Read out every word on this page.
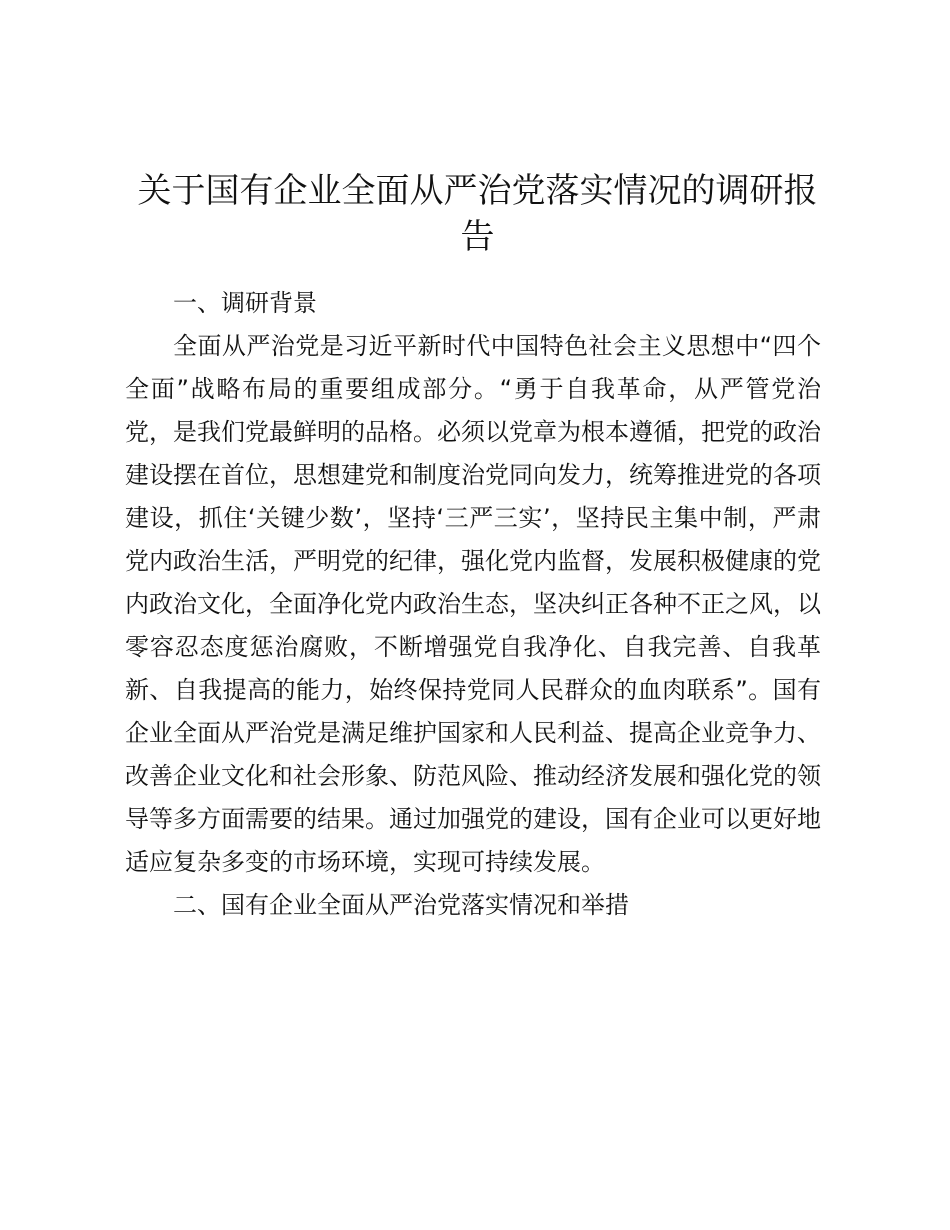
关于国有企业全面从严治党落实情况的调研报告

一、调研背景

全面从严治党是习近平新时代中国特色社会主义思想中“四个全面”战略布局的重要组成部分。“勇于自我革命，从严管党治党，是我们党最鲜明的品格。必须以党章为根本遵循，把党的政治建设摆在首位，思想建党和制度治党同向发力，统筹推进党的各项建设，抓住‘关键少数’，坚持‘三严三实’，坚持民主集中制，严肃党内政治生活，严明党的纪律，强化党内监督，发展积极健康的党内政治文化，全面净化党内政治生态，坚决纠正各种不正之风，以零容忍态度惩治腐败，不断增强党自我净化、自我完善、自我革新、自我提高的能力，始终保持党同人民群众的血肉联系”。国有企业全面从严治党是满足维护国家和人民利益、提高企业竞争力、改善企业文化和社会形象、防范风险、推动经济发展和强化党的领导等多方面需要的结果。通过加强党的建设，国有企业可以更好地适应复杂多变的市场环境，实现可持续发展。

二、国有企业全面从严治党落实情况和举措
